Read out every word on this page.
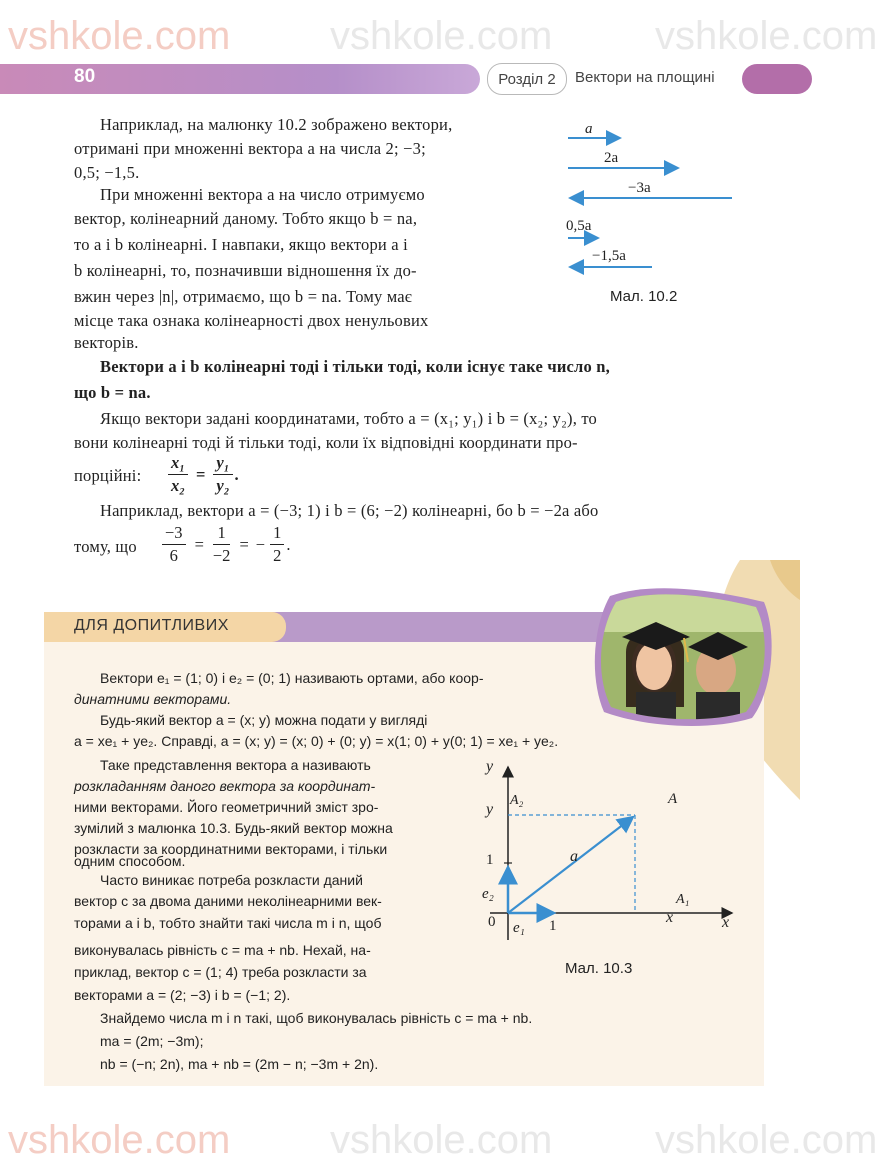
vshkole.com vshkole.com	vshkole.com
vshkole.com vshkole.com	vshkole.com
80	Розділ 2	Вектори на площині
Наприклад, на малюнку 10.2 зображено вектори,
отримані при множенні вектора a на числа 2; −3;
0,5; −1,5.
При множенні вектора a на число отримуємо
вектор, колінеарний даному. Тобто якщо b = na,
то a і b колінеарні. І навпаки, якщо вектори a і
b колінеарні, то, позначивши відношення їх до-
вжин через |n|, отримаємо, що b = na. Тому має
місце така ознака колінеарності двох ненульових
векторів.
a
2a
−3a
0,5a
−1,5a
Мал. 10.2
Вектори a і b колінеарні тоді і тільки тоді, коли існує таке число n,
що b = na.
Якщо вектори задані координатами, тобто a = (x₁; y₁) і b = (x₂; y₂), то
вони колінеарні тоді й тільки тоді, коли їх відповідні координати про-
порційні: $\frac{\text{x₁}}{\text{x₂}} = \frac{\text{y₁}}{\text{y₂}}$ .
Наприклад, вектори a = (−3; 1) і b = (6; −2) колінеарні, бо b = −2a або
тому, що $\frac{-3}{6} = \frac{1}{-2}$ = − $\frac{1}{2}$ .
ДЛЯ ДОПИТЛИВИХ
Вектори e₁ = (1; 0) і e₂ = (0; 1) називають ортами, або коор-
динатними векторами.
Будь-який вектор a = (x; y) можна подати у вигляді
a = xe₁ + ye₂. Справді, a = (x; y) = (x; 0) + (0; y) = x(1; 0) + y(0; 1) = xe₁ + ye₂.
Таке представлення вектора a називають
розкладанням даного вектора за координат-
ними векторами. Його геометричний зміст зро-
зумілий з малюнка 10.3. Будь-який вектор можна
розкласти за координатними векторами, і тільки
одним способом.
Часто виникає потреба розкласти даний
вектор c за двома даними неколінеарними век-
торами a і b, тобто знайти такі числа m і n, щоб
виконувалась рівність c = ma + nb. Нехай, на-
приклад, вектор c = (1; 4) треба розкласти за
векторами a = (2; −3) і b = (−1; 2).
Знайдемо числа m і n такі, щоб виконувалась рівність c = ma + nb.
ma = (2m; −3m);
nb = (−n; 2n), ma + nb = (2m − n; −3m + 2n).
y
x
0
1
1
y
x
A
A₁
A₂
a
e₁
e₂
Мал. 10.3
